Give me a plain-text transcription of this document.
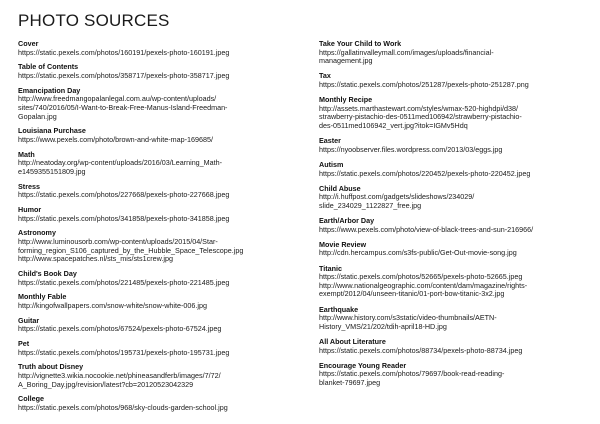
PHOTO SOURCES
Cover
https://static.pexels.com/photos/160191/pexels-photo-160191.jpeg
Table of Contents
https://static.pexels.com/photos/358717/pexels-photo-358717.jpeg
Emancipation Day
http://www.freedmangopalanlegal.com.au/wp-content/uploads/
sites/740/2016/05/I-Want-to-Break-Free-Manus-Island-Freedman-
Gopalan.jpg
Louisiana Purchase
https://www.pexels.com/photo/brown-and-white-map-169685/
Math
http://neatoday.org/wp-content/uploads/2016/03/Learning_Math-
e1459355151809.jpg
Stress
https://static.pexels.com/photos/227668/pexels-photo-227668.jpeg
Humor
https://static.pexels.com/photos/341858/pexels-photo-341858.jpeg
Astronomy
http://www.luminousorb.com/wp-content/uploads/2015/04/Star-
forming_region_S106_captured_by_the_Hubble_Space_Telescope.jpg
http://www.spacepatches.nl/sts_mis/sts1crew.jpg
Child's Book Day
https://static.pexels.com/photos/221485/pexels-photo-221485.jpeg
Monthly Fable
http://kingofwallpapers.com/snow-white/snow-white-006.jpg
Guitar
https://static.pexels.com/photos/67524/pexels-photo-67524.jpeg
Pet
https://static.pexels.com/photos/195731/pexels-photo-195731.jpeg
Truth about Disney
http://vignette3.wikia.nocookie.net/phineasandferb/images/7/72/
A_Boring_Day.jpg/revision/latest?cb=20120523042329
College
https://static.pexels.com/photos/968/sky-clouds-garden-school.jpg
Take Your Child to Work
https://gallatinvalleymall.com/images/uploads/financial-
management.jpg
Tax
https://static.pexels.com/photos/251287/pexels-photo-251287.png
Monthly Recipe
http://assets.marthastewart.com/styles/wmax-520-highdpi/d38/
strawberry-pistachio-des-0511med106942/strawberry-pistachio-
des-0511med106942_vert.jpg?itok=IGMv5Hdq
Easter
https://nyoobserver.files.wordpress.com/2013/03/eggs.jpg
Autism
https://static.pexels.com/photos/220452/pexels-photo-220452.jpeg
Child Abuse
http://i.huffpost.com/gadgets/slideshows/234029/
slide_234029_1122827_free.jpg
Earth/Arbor Day
https://www.pexels.com/photo/view-of-black-trees-and-sun-216966/
Movie Review
http://cdn.hercampus.com/s3fs-public/Get-Out-movie-song.jpg
Titanic
https://static.pexels.com/photos/52665/pexels-photo-52665.jpeg
http://www.nationalgeographic.com/content/dam/magazine/rights-
exempt/2012/04/unseen-titanic/01-port-bow-titanic-3x2.jpg
Earthquake
http://www.history.com/s3static/video-thumbnails/AETN-
History_VMS/21/202/tdih-april18-HD.jpg
All About Literature
https://static.pexels.com/photos/88734/pexels-photo-88734.jpeg
Encourage Young Reader
https://static.pexels.com/photos/79697/book-read-reading-
blanket-79697.jpeg
